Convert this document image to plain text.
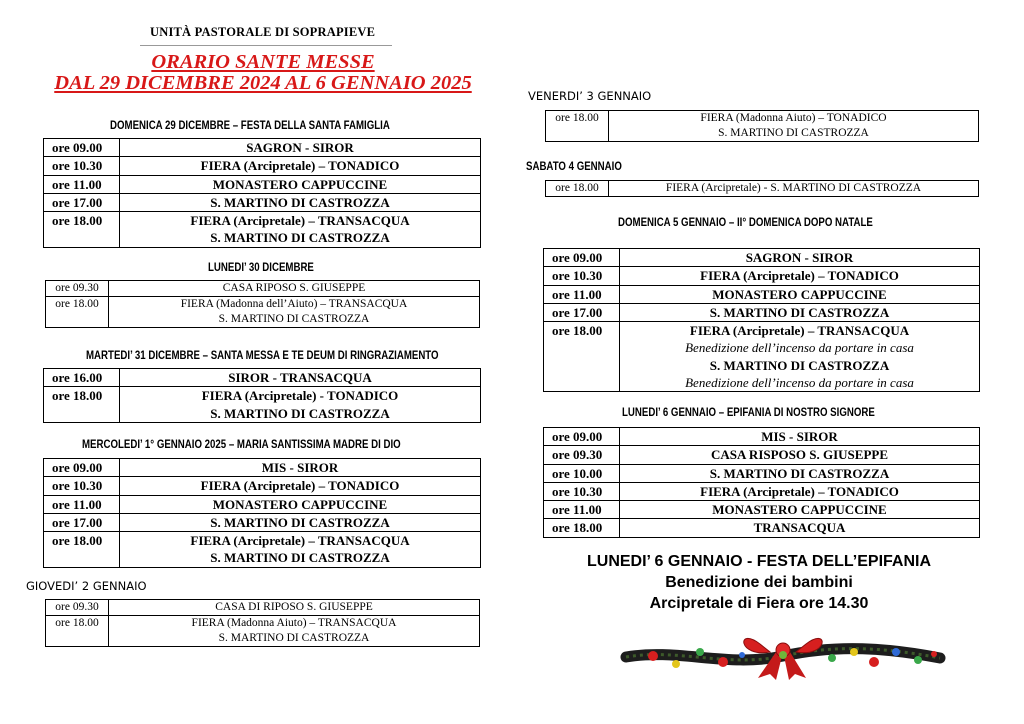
UNITÀ PASTORALE DI SOPRAPIEVE
ORARIO SANTE MESSE
DAL 29 DICEMBRE 2024 AL 6 GENNAIO 2025
DOMENICA 29 DICEMBRE – FESTA DELLA SANTA FAMIGLIA
ore 09.00	SAGRON - SIROR

ore 10.30	FIERA (Arcipretale) – TONADICO

ore 11.00	MONASTERO CAPPUCCINE

ore 17.00	S. MARTINO DI CASTROZZA

ore 18.00	FIERA (Arcipretale) – TRANSACQUA
S. MARTINO DI CASTROZZA
LUNEDI’ 30 DICEMBRE
ore 09.30	CASA RIPOSO S. GIUSEPPE

ore 18.00	FIERA (Madonna dell’Aiuto) – TRANSACQUA
S. MARTINO DI CASTROZZA
MARTEDI’ 31 DICEMBRE – SANTA MESSA E TE DEUM DI RINGRAZIAMENTO
ore 16.00	SIROR - TRANSACQUA

ore 18.00	FIERA (Arcipretale) - TONADICO
S. MARTINO DI CASTROZZA
MERCOLEDI’ 1° GENNAIO 2025 – MARIA SANTISSIMA MADRE DI DIO
ore 09.00	MIS - SIROR

ore 10.30	FIERA (Arcipretale) – TONADICO

ore 11.00	MONASTERO CAPPUCCINE

ore 17.00	S. MARTINO DI CASTROZZA

ore 18.00	FIERA (Arcipretale) – TRANSACQUA
S. MARTINO DI CASTROZZA
GIOVEDI’ 2 GENNAIO
ore 09.30	CASA DI RIPOSO S. GIUSEPPE

ore 18.00	FIERA (Madonna Aiuto) – TRANSACQUA
S. MARTINO DI CASTROZZA
VENERDI’ 3 GENNAIO
ore 18.00	FIERA (Madonna Aiuto) – TONADICO
S. MARTINO DI CASTROZZA
SABATO 4 GENNAIO
ore 18.00	FIERA (Arcipretale) - S. MARTINO DI CASTROZZA
DOMENICA 5 GENNAIO – II° DOMENICA DOPO NATALE
ore 09.00	SAGRON - SIROR

ore 10.30	FIERA (Arcipretale) – TONADICO

ore 11.00	MONASTERO CAPPUCCINE

ore 17.00	S. MARTINO DI CASTROZZA

ore 18.00	FIERA (Arcipretale) – TRANSACQUA
Benedizione dell’incenso da portare in casa
S. MARTINO DI CASTROZZA
Benedizione dell’incenso da portare in casa
LUNEDI’ 6 GENNAIO – EPIFANIA DI NOSTRO SIGNORE
ore 09.00	MIS - SIROR

ore 09.30	CASA RISPOSO S. GIUSEPPE

ore 10.00	S. MARTINO DI CASTROZZA

ore 10.30	FIERA (Arcipretale) – TONADICO

ore 11.00	MONASTERO CAPPUCCINE

ore 18.00	TRANSACQUA
LUNEDI’ 6 GENNAIO - FESTA DELL’EPIFANIA
Benedizione dei bambini
Arcipretale di Fiera ore 14.30
